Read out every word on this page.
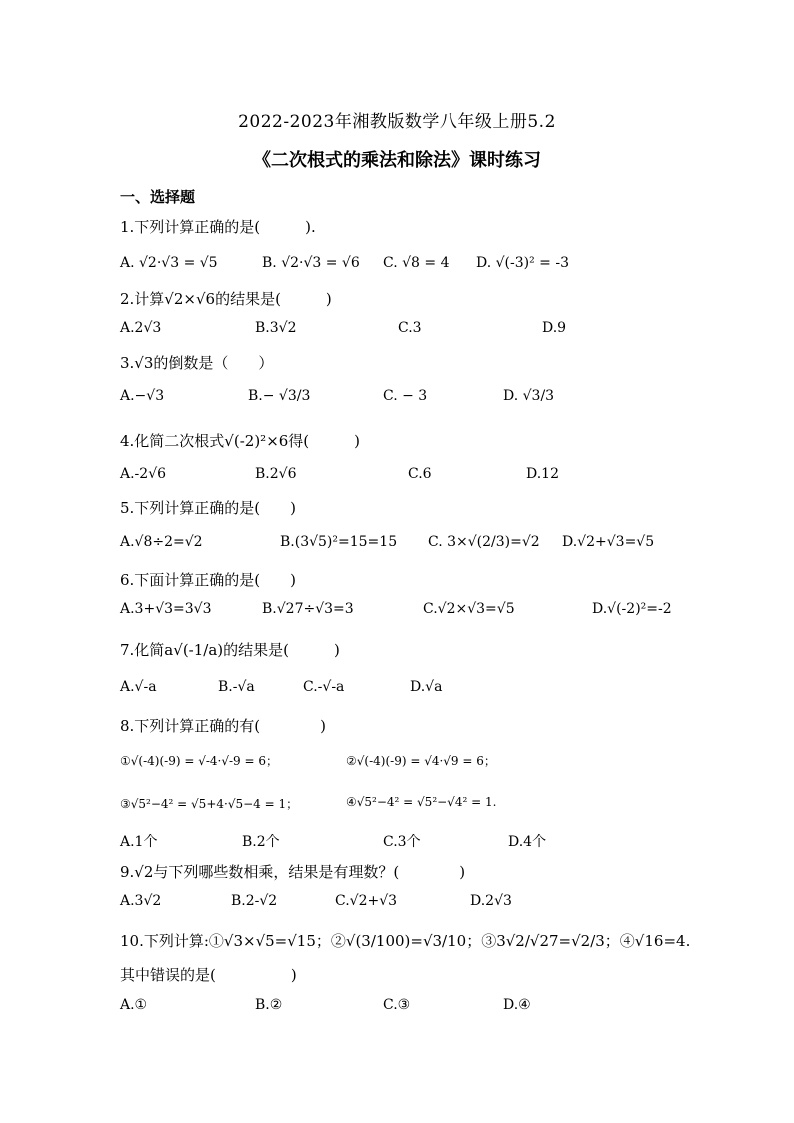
2022-2023年湘教版数学八年级上册5.2
《二次根式的乘法和除法》课时练习
一、选择题
1.下列计算正确的是(　　　).
A. √2·√3 = √5	B. √2·√3 = √6 C. √8 = 4 D. √(-3)² = -3
2.计算√2×√6的结果是(　　　)
A.2√3	B.3√2	C.3	D.9
3.√3的倒数是（　　）
A.−√3	B.− √3/3	C. − 3	D. √3/3
4.化简二次根式√(-2)²×6得(　　　)
A.-2√6	B.2√6	C.6	D.12
5.下列计算正确的是(　　)
A.√8÷2=√2	B.(3√5)²=15=15 C. 3×√(2/3)=√2 D.√2+√3=√5
6.下面计算正确的是(　　)
A.3+√3=3√3	B.√27÷√3=3	C.√2×√3=√5	D.√(-2)²=-2
7.化简a√(-1/a)的结果是(　　　)
A.√-a	B.-√a	C.-√-a	D.√a
8.下列计算正确的有(　　　　)
①√(-4)(-9) = √-4·√-9 = 6；	②√(-4)(-9) = √4·√9 = 6；
③√5²−4² = √5+4·√5−4 = 1；	④√5²−4² = √5²−√4² = 1.
A.1个	B.2个	C.3个	D.4个
9.√2与下列哪些数相乘，结果是有理数？(　　　　)
A.3√2	B.2-√2	C.√2+√3	D.2√3
10.下列计算:①√3×√5=√15；②√(3/100)=√3/10；③3√2/√27=√2/3；④√16=4.
其中错误的是(　　　　　)
A.①	B.②	C.③	D.④
